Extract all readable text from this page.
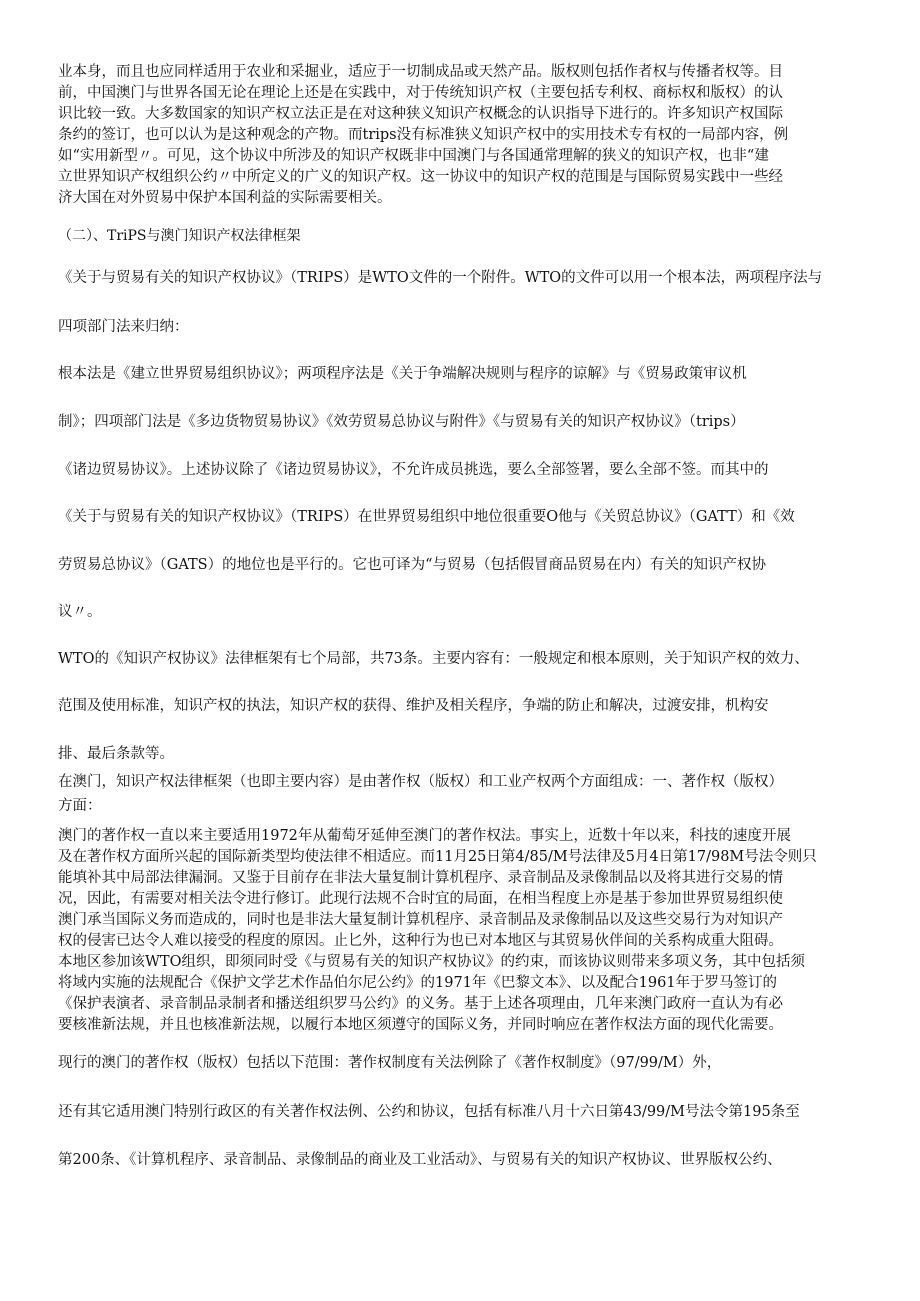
业本身，而且也应同样适用于农业和采掘业，适应于一切制成品或天然产品。版权则包括作者权与传播者权等。目
前，中国澳门与世界各国无论在理论上还是在实践中，对于传统知识产权（主要包括专利权、商标权和版权）的认
识比较一致。大多数国家的知识产权立法正是在对这种狭义知识产权概念的认识指导下进行的。许多知识产权国际
条约的签订，也可以认为是这种观念的产物。而trips没有标准狭义知识产权中的实用技术专有权的一局部内容，例
如“实用新型〃。可见，这个协议中所涉及的知识产权既非中国澳门与各国通常理解的狭义的知识产权，也非“建
立世界知识产权组织公约〃中所定义的广义的知识产权。这一协议中的知识产权的范围是与国际贸易实践中一些经
济大国在对外贸易中保护本国利益的实际需要相关。
（二）、TriPS与澳门知识产权法律框架
《关于与贸易有关的知识产权协议》（TRIPS）是WTO文件的一个附件。WTO的文件可以用一个根本法，两项程序法与
四项部门法来归纳：
根本法是《建立世界贸易组织协议》；两项程序法是《关于争端解决规则与程序的谅解》与《贸易政策审议机
制》；四项部门法是《多边货物贸易协议》《效劳贸易总协议与附件》《与贸易有关的知识产权协议》（trips）
《诸边贸易协议》。上述协议除了《诸边贸易协议》，不允许成员挑选，要么全部签署，要么全部不签。而其中的
《关于与贸易有关的知识产权协议》（TRIPS）在世界贸易组织中地位很重要O他与《关贸总协议》（GATT）和《效
劳贸易总协议》（GATS）的地位也是平行的。它也可译为“与贸易（包括假冒商品贸易在内）有关的知识产权协
议〃。
WTO的《知识产权协议》法律框架有七个局部，共73条。主要内容有：一般规定和根本原则，关于知识产权的效力、
范围及使用标准，知识产权的执法，知识产权的获得、维护及相关程序，争端的防止和解决，过渡安排，机构安
排、最后条款等。
在澳门，知识产权法律框架（也即主要内容）是由著作权（版权）和工业产权两个方面组成：一、著作权（版权）
方面：
澳门的著作权一直以来主要适用1972年从葡萄牙延伸至澳门的著作权法。事实上，近数十年以来，科技的速度开展
及在著作权方面所兴起的国际新类型均使法律不相适应。而11月25日第4/85/M号法律及5月4日第17/98M号法令则只
能填补其中局部法律漏洞。又鉴于目前存在非法大量复制计算机程序、录音制品及录像制品以及将其进行交易的情
况，因此，有需要对相关法令进行修订。此现行法规不合时宜的局面，在相当程度上亦是基于参加世界贸易组织使
澳门承当国际义务而造成的，同时也是非法大量复制计算机程序、录音制品及录像制品以及这些交易行为对知识产
权的侵害已达令人难以接受的程度的原因。止匕外，这种行为也已对本地区与其贸易伙伴间的关系构成重大阻碍。
本地区参加该WTO组织，即须同时受《与贸易有关的知识产权协议》的约束，而该协议则带来多项义务，其中包括须
将域内实施的法规配合《保护文学艺术作品伯尔尼公约》的1971年《巴黎文本》、以及配合1961年于罗马签订的
《保护表演者、录音制品录制者和播送组织罗马公约》的义务。基于上述各项理由，几年来澳门政府一直认为有必
要核准新法规，并且也核准新法规，以履行本地区须遵守的国际义务，并同时响应在著作权法方面的现代化需要。
现行的澳门的著作权（版权）包括以下范围：著作权制度有关法例除了《著作权制度》（97/99/M）外，
还有其它适用澳门特别行政区的有关著作权法例、公约和协议，包括有标准八月十六日第43/99/M号法令第195条至
第200条、《计算机程序、录音制品、录像制品的商业及工业活动》、与贸易有关的知识产权协议、世界版权公约、
